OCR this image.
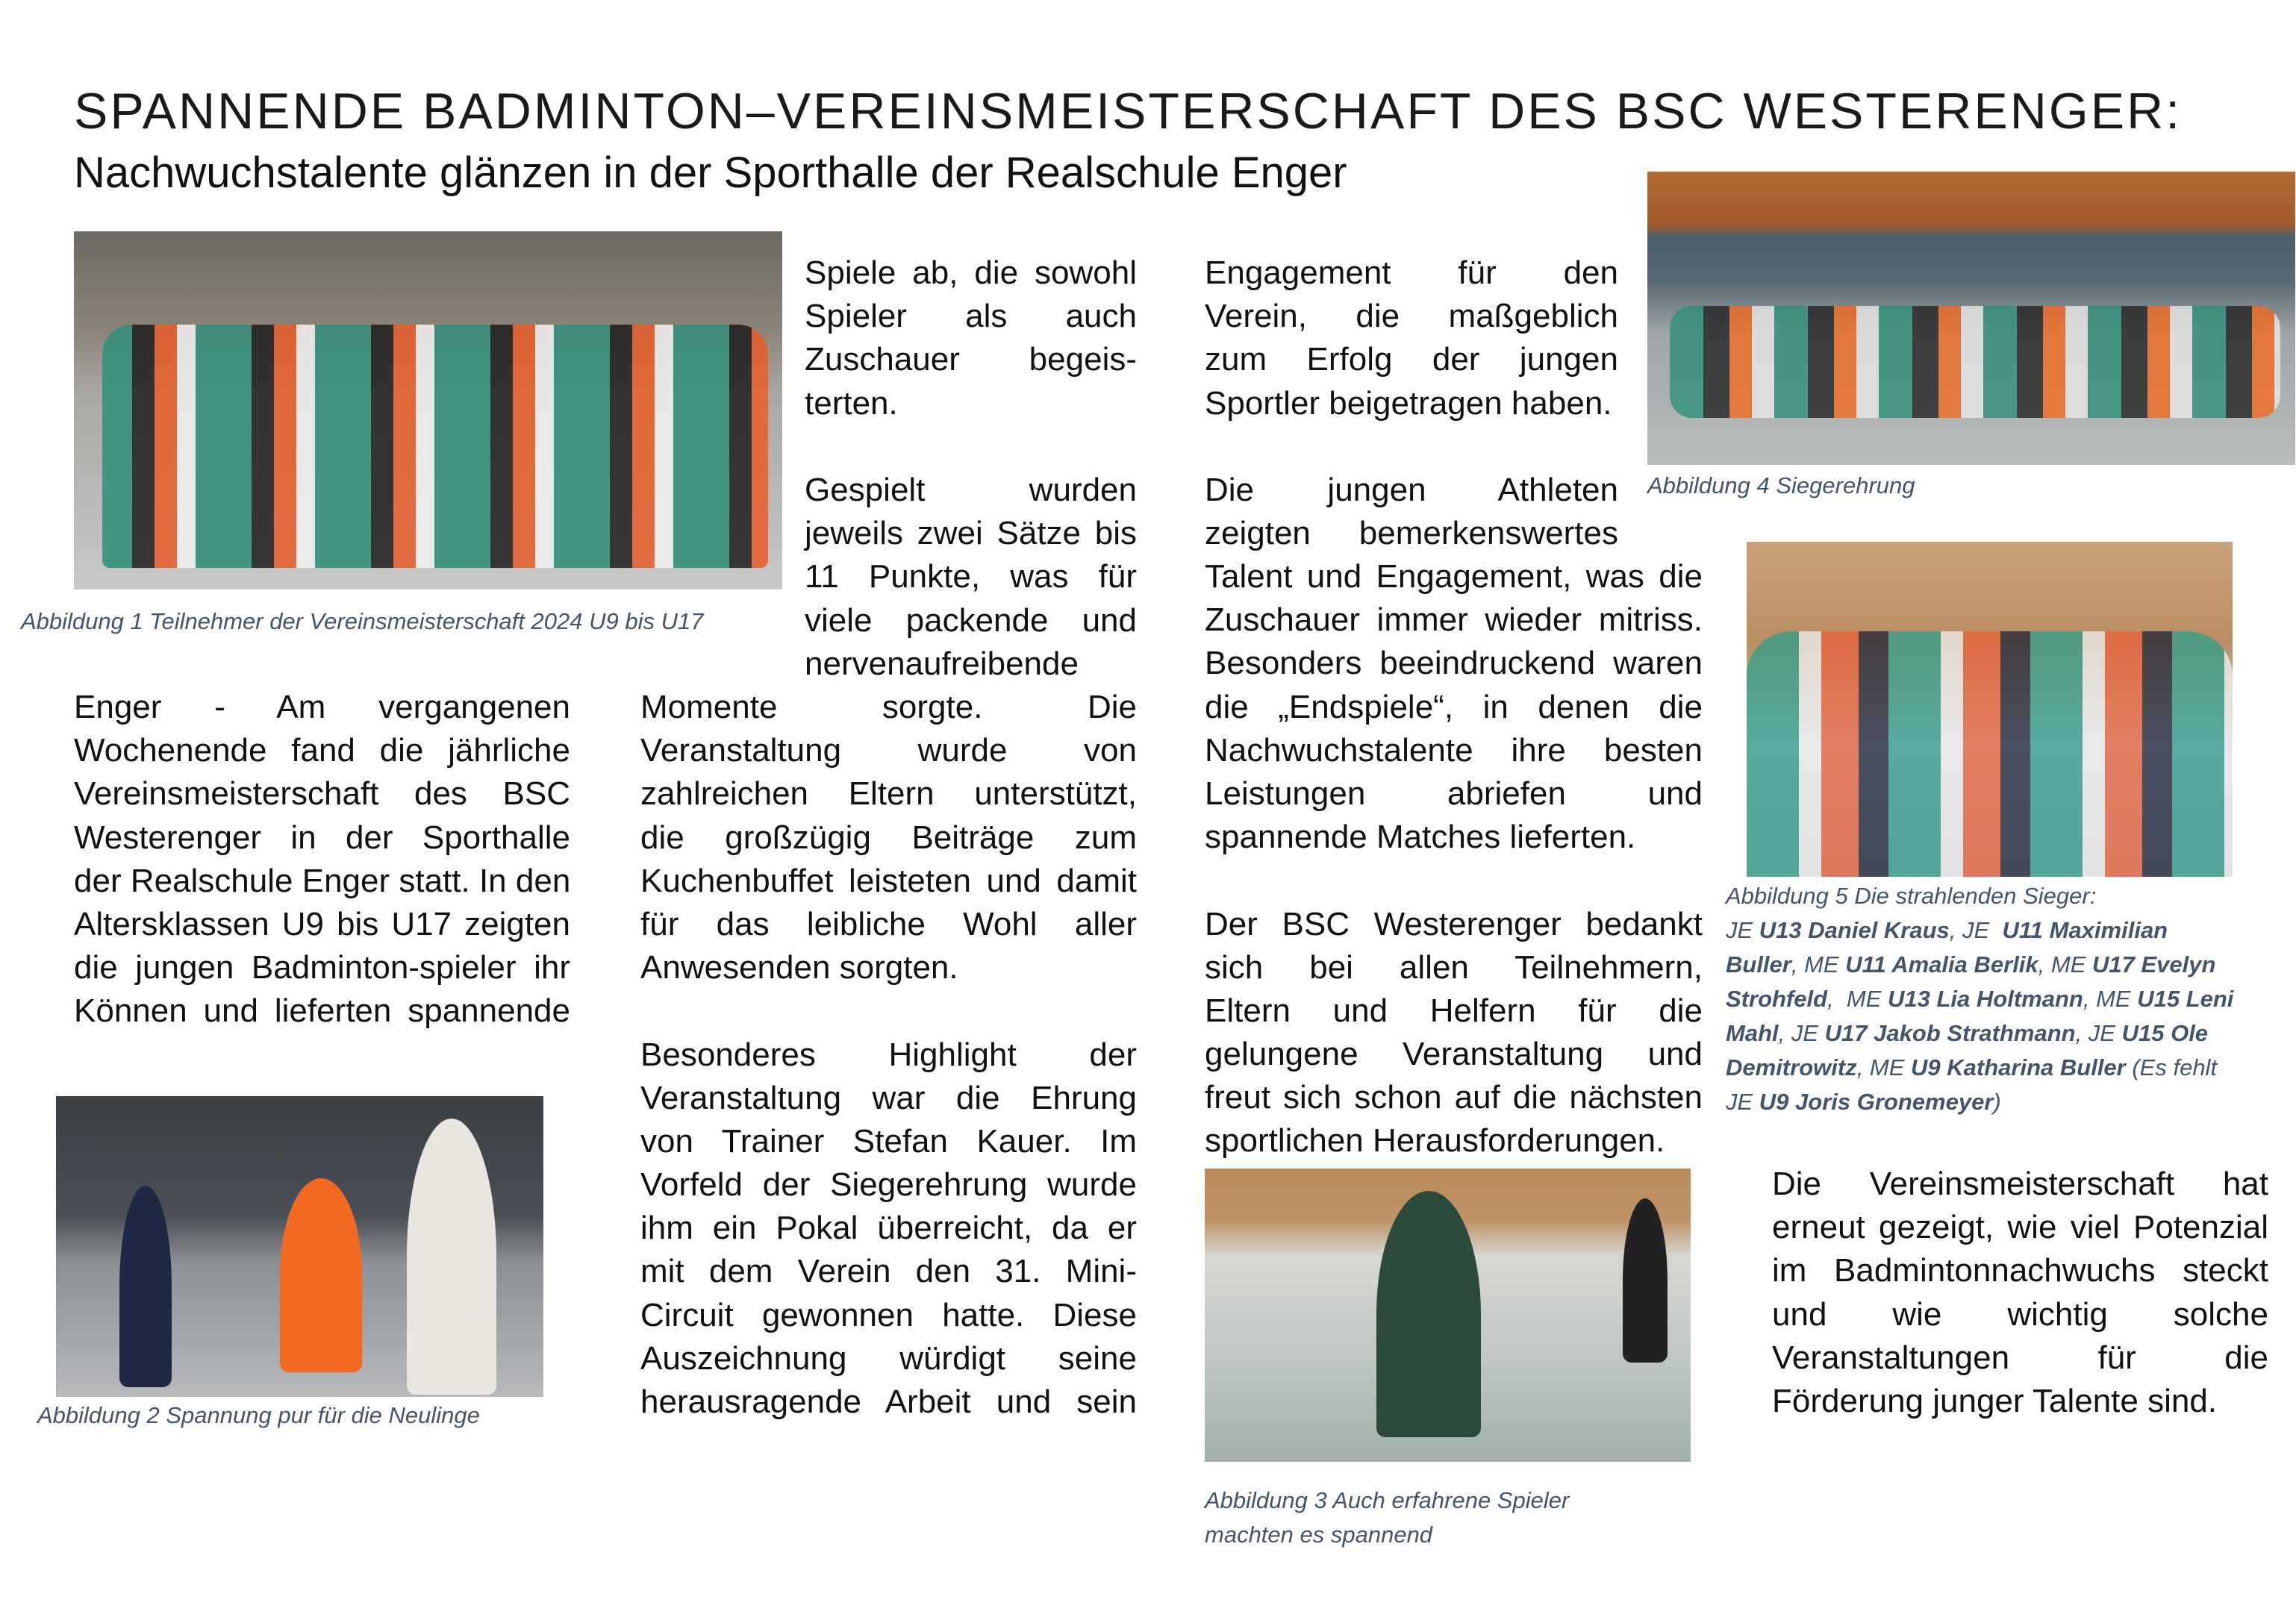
SPANNENDE BADMINTON–VEREINSMEISTERSCHAFT DES BSC WESTERENGER:
Nachwuchstalente glänzen in der Sporthalle der Realschule Enger
Abbildung 1 Teilnehmer der Vereinsmeisterschaft 2024 U9 bis U17
Abbildung 2 Spannung pur für die Neulinge
Abbildung 3 Auch erfahrene Spieler
machten es spannend
Abbildung 4 Siegerehrung
Abbildung 5 Die strahlenden Sieger:
JE U13 Daniel Kraus, JE  U11 Maximilian
Buller, ME U11 Amalia Berlik, ME U17 Evelyn
Strohfeld,  ME U13 Lia Holtmann, ME U15 Leni
Mahl, JE U17 Jakob Strathmann, JE U15 Ole
Demitrowitz, ME U9 Katharina Buller (Es fehlt
JE U9 Joris Gronemeyer)
Enger - Am vergangenen
Wochenende fand die jährliche
Vereinsmeisterschaft des BSC
Westerenger in der Sporthalle
der Realschule Enger statt. In den
Altersklassen U9 bis U17 zeigten
die jungen Badminton-spieler ihr
Können und lieferten spannende
Spiele ab, die sowohl
Spieler als auch
Zuschauer begeis-
terten.
Gespielt wurden
jeweils zwei Sätze bis
11 Punkte, was für
viele packende und
nervenaufreibende
Momente sorgte. Die
Veranstaltung wurde von
zahlreichen Eltern unterstützt,
die großzügig Beiträge zum
Kuchenbuffet leisteten und damit
für das leibliche Wohl aller
Anwesenden sorgten.
Besonderes Highlight der
Veranstaltung war die Ehrung
von Trainer Stefan Kauer. Im
Vorfeld der Siegerehrung wurde
ihm ein Pokal überreicht, da er
mit dem Verein den 31. Mini-
Circuit gewonnen hatte. Diese
Auszeichnung würdigt seine
herausragende Arbeit und sein
Engagement für den
Verein, die maßgeblich
zum Erfolg der jungen
Sportler beigetragen haben.
Die jungen Athleten
zeigten bemerkenswertes
Talent und Engagement, was die
Zuschauer immer wieder mitriss.
Besonders beeindruckend waren
die „Endspiele“, in denen die
Nachwuchstalente ihre besten
Leistungen abriefen und
spannende Matches lieferten.
Der BSC Westerenger bedankt
sich bei allen Teilnehmern,
Eltern und Helfern für die
gelungene Veranstaltung und
freut sich schon auf die nächsten
sportlichen Herausforderungen.
Die Vereinsmeisterschaft hat
erneut gezeigt, wie viel Potenzial
im Badmintonnachwuchs steckt
und wie wichtig solche
Veranstaltungen für die
Förderung junger Talente sind.
